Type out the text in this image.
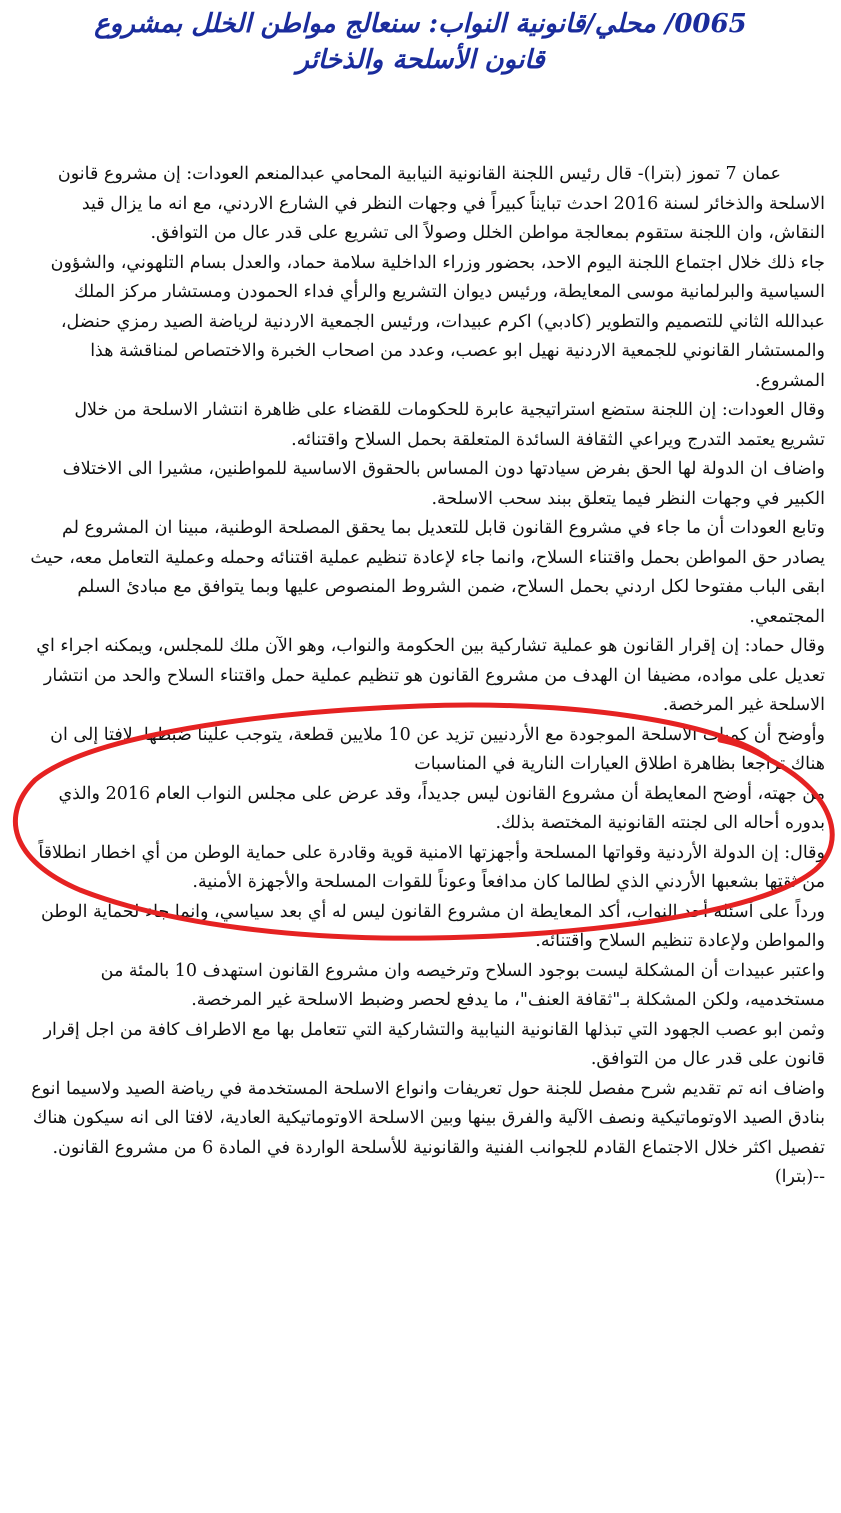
0065/ محلي/قانونية النواب: سنعالج مواطن الخلل بمشروع
قانون الأسلحة والذخائر

عمان 7 تموز (بترا)- قال رئيس اللجنة القانونية النيابية المحامي عبدالمنعم العودات: إن مشروع قانون الاسلحة والذخائر لسنة 2016 احدث تبايناً كبيراً في وجهات النظر في الشارع الاردني، مع انه ما يزال قيد النقاش، وان اللجنة ستقوم بمعالجة مواطن الخلل وصولاً الى تشريع على قدر عال من التوافق.

جاء ذلك خلال اجتماع اللجنة اليوم الاحد، بحضور وزراء الداخلية سلامة حماد، والعدل بسام التلهوني، والشؤون السياسية والبرلمانية موسى المعايطة، ورئيس ديوان التشريع والرأي فداء الحمودن ومستشار مركز الملك عبدالله الثاني للتصميم والتطوير (كادبي) اكرم عبيدات، ورئيس الجمعية الاردنية لرياضة الصيد رمزي حنضل، والمستشار القانوني للجمعية الاردنية نهيل ابو عصب، وعدد من اصحاب الخبرة والاختصاص لمناقشة هذا المشروع.

وقال العودات: إن اللجنة ستضع استراتيجية عابرة للحكومات للقضاء على ظاهرة انتشار الاسلحة من خلال تشريع يعتمد التدرج ويراعي الثقافة السائدة المتعلقة بحمل السلاح واقتنائه.

واضاف ان الدولة لها الحق بفرض سيادتها دون المساس بالحقوق الاساسية للمواطنين، مشيرا الى الاختلاف الكبير في وجهات النظر فيما يتعلق ببند سحب الاسلحة.

وتابع العودات أن ما جاء في مشروع القانون قابل للتعديل بما يحقق المصلحة الوطنية، مبينا ان المشروع لم يصادر حق المواطن بحمل واقتناء السلاح، وانما جاء لإعادة تنظيم عملية اقتنائه وحمله وعملية التعامل معه، حيث ابقى الباب مفتوحا لكل اردني بحمل السلاح، ضمن الشروط المنصوص عليها وبما يتوافق مع مبادئ السلم المجتمعي.

وقال حماد: إن إقرار القانون هو عملية تشاركية بين الحكومة والنواب، وهو الآن ملك للمجلس، ويمكنه اجراء اي تعديل على مواده، مضيفا ان الهدف من مشروع القانون هو تنظيم عملية حمل واقتناء السلاح والحد من انتشار الاسلحة غير المرخصة.

وأوضح أن كميات الأسلحة الموجودة مع الأردنيين تزيد عن 10 ملايين قطعة، يتوجب علينا ضبطها، لافتا إلى ان هناك تراجعا بظاهرة اطلاق العيارات النارية في المناسبات

من جهته، أوضح المعايطة أن مشروع القانون ليس جديداً، وقد عرض على مجلس النواب العام 2016 والذي بدوره أحاله الى لجنته القانونية المختصة بذلك.

وقال: إن الدولة الأردنية وقواتها المسلحة وأجهزتها الامنية قوية وقادرة على حماية الوطن من أي اخطار انطلاقاً من ثقتها بشعبها الأردني الذي لطالما كان مدافعاً وعوناً للقوات المسلحة والأجهزة الأمنية.

ورداً على أسئلة أحد النواب، أكد المعايطة ان مشروع القانون ليس له أي بعد سياسي، وانما جاء لحماية الوطن والمواطن ولإعادة تنظيم السلاح واقتنائه.

واعتبر عبيدات أن المشكلة ليست بوجود السلاح وترخيصه وان مشروع القانون استهدف 10 بالمئة من مستخدميه، ولكن المشكلة بـ"ثقافة العنف"، ما يدفع لحصر وضبط الاسلحة غير المرخصة.

وثمن ابو عصب الجهود التي تبذلها القانونية النيابية والتشاركية التي تتعامل بها مع الاطراف كافة من اجل إقرار قانون على قدر عال من التوافق.

واضاف انه تم تقديم شرح مفصل للجنة حول تعريفات وانواع الاسلحة المستخدمة في رياضة الصيد ولاسيما انوع بنادق الصيد الاوتوماتيكية ونصف الآلية والفرق بينها وبين الاسلحة الاوتوماتيكية العادية، لافتا الى انه سيكون هناك تفصيل اكثر خلال الاجتماع القادم للجوانب الفنية والقانونية للأسلحة الواردة في المادة 6 من مشروع القانون.

--(بترا)
